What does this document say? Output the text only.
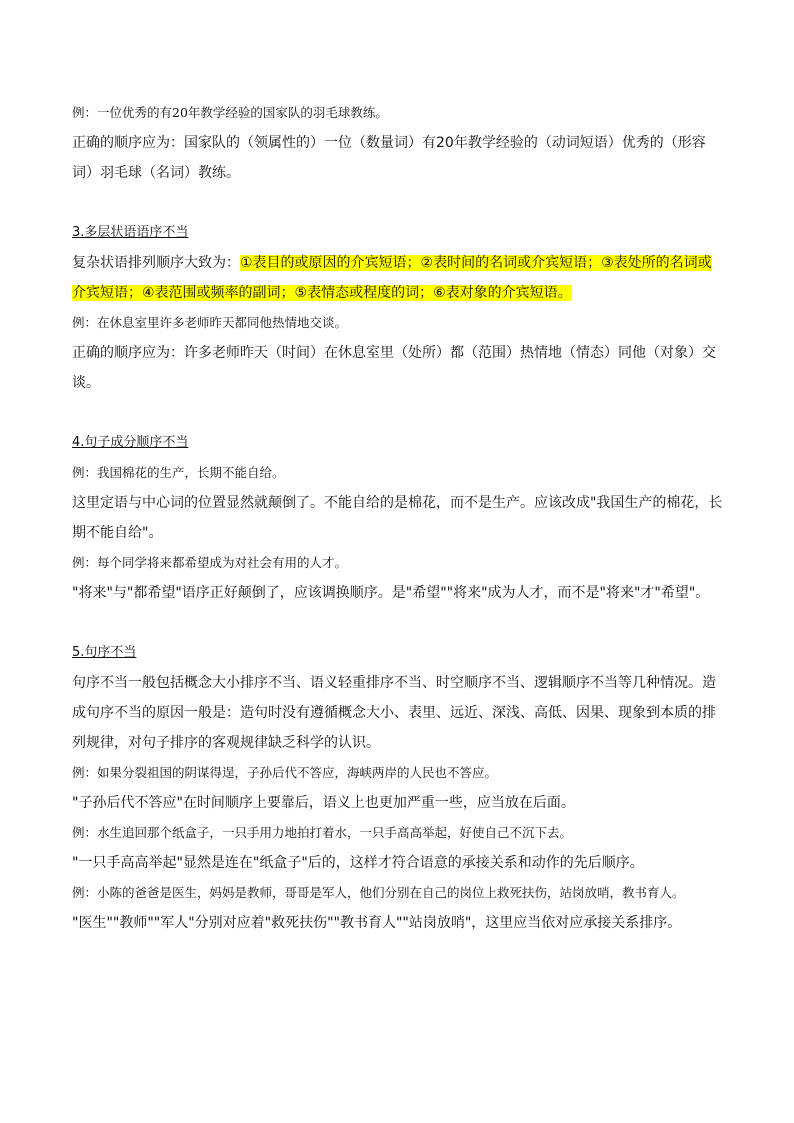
例：一位优秀的有20年教学经验的国家队的羽毛球教练。

正确的顺序应为：国家队的（领属性的）一位（数量词）有20年教学经验的（动词短语）优秀的（形容词）羽毛球（名词）教练。

3.多层状语语序不当

复杂状语排列顺序大致为：①表目的或原因的介宾短语；②表时间的名词或介宾短语；③表处所的名词或介宾短语；④表范围或频率的副词；⑤表情态或程度的词；⑥表对象的介宾短语。

例：在休息室里许多老师昨天都同他热情地交谈。

正确的顺序应为：许多老师昨天（时间）在休息室里（处所）都（范围）热情地（情态）同他（对象）交谈。

4.句子成分顺序不当

例：我国棉花的生产，长期不能自给。

这里定语与中心词的位置显然就颠倒了。不能自给的是棉花，而不是生产。应该改成"我国生产的棉花，长期不能自给"。

例：每个同学将来都希望成为对社会有用的人才。

"将来"与"都希望"语序正好颠倒了，应该调换顺序。是"希望""将来"成为人才，而不是"将来"才"希望"。

5.句序不当

句序不当一般包括概念大小排序不当、语义轻重排序不当、时空顺序不当、逻辑顺序不当等几种情况。造成句序不当的原因一般是：造句时没有遵循概念大小、表里、远近、深浅、高低、因果、现象到本质的排列规律，对句子排序的客观规律缺乏科学的认识。

例：如果分裂祖国的阴谋得逞，子孙后代不答应，海峡两岸的人民也不答应。

"子孙后代不答应"在时间顺序上要靠后，语义上也更加严重一些，应当放在后面。

例：水生追回那个纸盒子，一只手用力地拍打着水，一只手高高举起，好使自己不沉下去。

"一只手高高举起"显然是连在"纸盒子"后的，这样才符合语意的承接关系和动作的先后顺序。

例：小陈的爸爸是医生，妈妈是教师，哥哥是军人，他们分别在自己的岗位上救死扶伤，站岗放哨，教书育人。

"医生""教师""军人"分别对应着"救死扶伤""教书育人""站岗放哨"，这里应当依对应承接关系排序。
